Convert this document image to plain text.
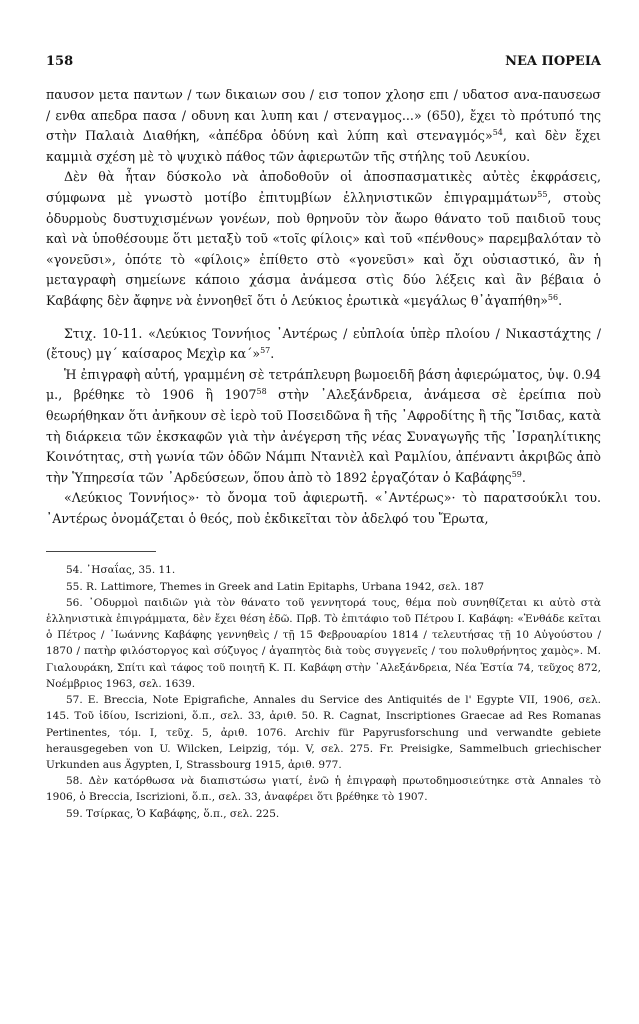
158	ΝΕΑ ΠΟΡΕΙΑ

παυσον μετα παντων / των δικαιων σου / εισ τοπον χλοησ επι / υδατοσ ανα-παυσεωσ / ενθα απεδρα πασα / οδυνη και λυπη και / στεναγμος...» (650), ἔχει τὸ πρότυπό της στὴν Παλαιὰ Διαθήκη, «ἀπέδρα ὀδύνη καὶ λύπη καὶ στεναγμός»$^{54}$, καὶ δὲν ἔχει καμμιὰ σχέση μὲ τὸ ψυχικὸ πάθος τῶν ἀφιερωτῶν τῆς στήλης τοῦ Λευκίου.

Δὲν θὰ ἦταν δύσκολο νὰ ἀποδοθοῦν οἱ ἀποσπασματικὲς αὐτὲς ἐκφράσεις, σύμφωνα μὲ γνωστὸ μοτίβο ἐπιτυμβίων ἑλληνιστικῶν ἐπιγραμμάτων$^{55}$, στοὺς ὀδυρμοὺς δυστυχισμένων γονέων, ποὺ θρηνοῦν τὸν ἄωρο θάνατο τοῦ παιδιοῦ τους καὶ νὰ ὑποθέσουμε ὅτι μεταξὺ τοῦ «τοῖς φίλοις» καὶ τοῦ «πένθους» παρεμβαλόταν τὸ «γονεῦσι», ὁπότε τὸ «φίλοις» ἐπίθετο στὸ «γονεῦσι» καὶ ὄχι οὐσιαστικό, ἂν ἡ μεταγραφὴ σημείωνε κάποιο χάσμα ἀνάμεσα στὶς δύο λέξεις καὶ ἂν βέβαια ὁ Καβάφης δὲν ἄφηνε νὰ ἐννοηθεῖ ὅτι ὁ Λεύκιος ἐρωτικὰ «μεγάλως θ᾿ἀγαπήθη»$^{56}$.

Στιχ. 10-11. «Λεύκιος Τοννήιος ᾿Αντέρως / εὐπλοία ὑπὲρ πλοίου / Νικαστάχτης / (ἔτους) μγ´ καίσαρος Μεχὶρ κα´»$^{57}$.

Ἡ ἐπιγραφὴ αὐτή, γραμμένη σὲ τετράπλευρη βωμοειδῆ βάση ἀφιερώματος, ὑψ. 0.94 μ., βρέθηκε τὸ 1906 ἢ 1907$^{58}$ στὴν ᾿Αλεξάνδρεια, ἀνάμεσα σὲ ἐρείπια ποὺ θεωρήθηκαν ὅτι ἀνῆκουν σὲ ἱερὸ τοῦ Ποσειδῶνα ἢ τῆς ᾿Αφροδίτης ἢ τῆς Ἴσιδας, κατὰ τὴ διάρκεια τῶν ἐκσκαφῶν γιὰ τὴν ἀνέγερση τῆς νέας Συναγωγῆς τῆς ᾿Ισραηλίτικης Κοινότητας, στὴ γωνία τῶν ὁδῶν Νάμπι Ντανιὲλ καὶ Ραμλίου, ἀπέναντι ἀκριβῶς ἀπὸ τὴν Ὑπηρεσία τῶν ᾿Αρδεύσεων, ὅπου ἀπὸ τὸ 1892 ἐργαζόταν ὁ Καβάφης$^{59}$.

«Λεύκιος Τοννήιος»· τὸ ὄνομα τοῦ ἀφιερωτῆ. «᾿Αντέρως»· τὸ παρατσούκλι του. ᾿Αντέρως ὀνομάζεται ὁ θεός, ποὺ ἐκδικεῖται τὸν ἀδελφό του Ἔρωτα,

54. ᾿Ησαΐας, 35. 11.

55. R. Lattimore, Themes in Greek and Latin Epitaphs, Urbana 1942, σελ. 187

56. ᾿Οδυρμοὶ παιδιῶν γιὰ τὸν θάνατο τοῦ γεννητορά τους, θέμα ποὺ συνηθίζεται κι αὐτὸ στὰ ἑλληνιστικὰ ἐπιγράμματα, δὲν ἔχει θέση ἐδῶ. Πρβ. Τὸ ἐπιτάφιο τοῦ Πέτρου Ι. Καβάφη: «Ἐνθάδε κεῖται ὁ Πέτρος / ᾿Ιωάννης Καβάφης γεννηθεὶς / τῇ 15 Φεβρουαρίου 1814 / τελευτήσας τῇ 10 Αὐγούστου / 1870 / πατὴρ φιλόστοργος καὶ σύζυγος / ἀγαπητὸς διὰ τοὺς συγγενεῖς / του πολυθρήνητος χαμὸς». Μ. Γιαλουράκη, Σπίτι καὶ τάφος τοῦ ποιητῆ Κ. Π. Καβάφη στὴν ᾿Αλεξάνδρεια, Νέα Ἑστία 74, τεῦχος 872, Νοέμβριος 1963, σελ. 1639.

57. E. Breccia, Note Epigrafiche, Annales du Service des Antiquités de l' Egypte VII, 1906, σελ. 145. Τοῦ ἰδίου, Iscrizioni, ὅ.π., σελ. 33, ἀριθ. 50. R. Cagnat, Inscriptiones Graecae ad Res Romanas Pertinentes, τόμ. I, τεῦχ. 5, ἀριθ. 1076. Archiv für Papyrusforschung und verwandte gebiete herausgegeben von U. Wilcken, Leipzig, τόμ. V, σελ. 275. Fr. Preisigke, Sammelbuch griechischer Urkunden aus Ägypten, I, Strassbourg 1915, ἀριθ. 977.

58. Δὲν κατόρθωσα νὰ διαπιστώσω γιατί, ἐνῶ ἡ ἐπιγραφὴ πρωτοδημοσιεύτηκε στὰ Annales τὸ 1906, ὁ Breccia, Iscrizioni, ὅ.π., σελ. 33, ἀναφέρει ὅτι βρέθηκε τὸ 1907.

59. Τσίρκας, Ὁ Καβάφης, ὅ.π., σελ. 225.
